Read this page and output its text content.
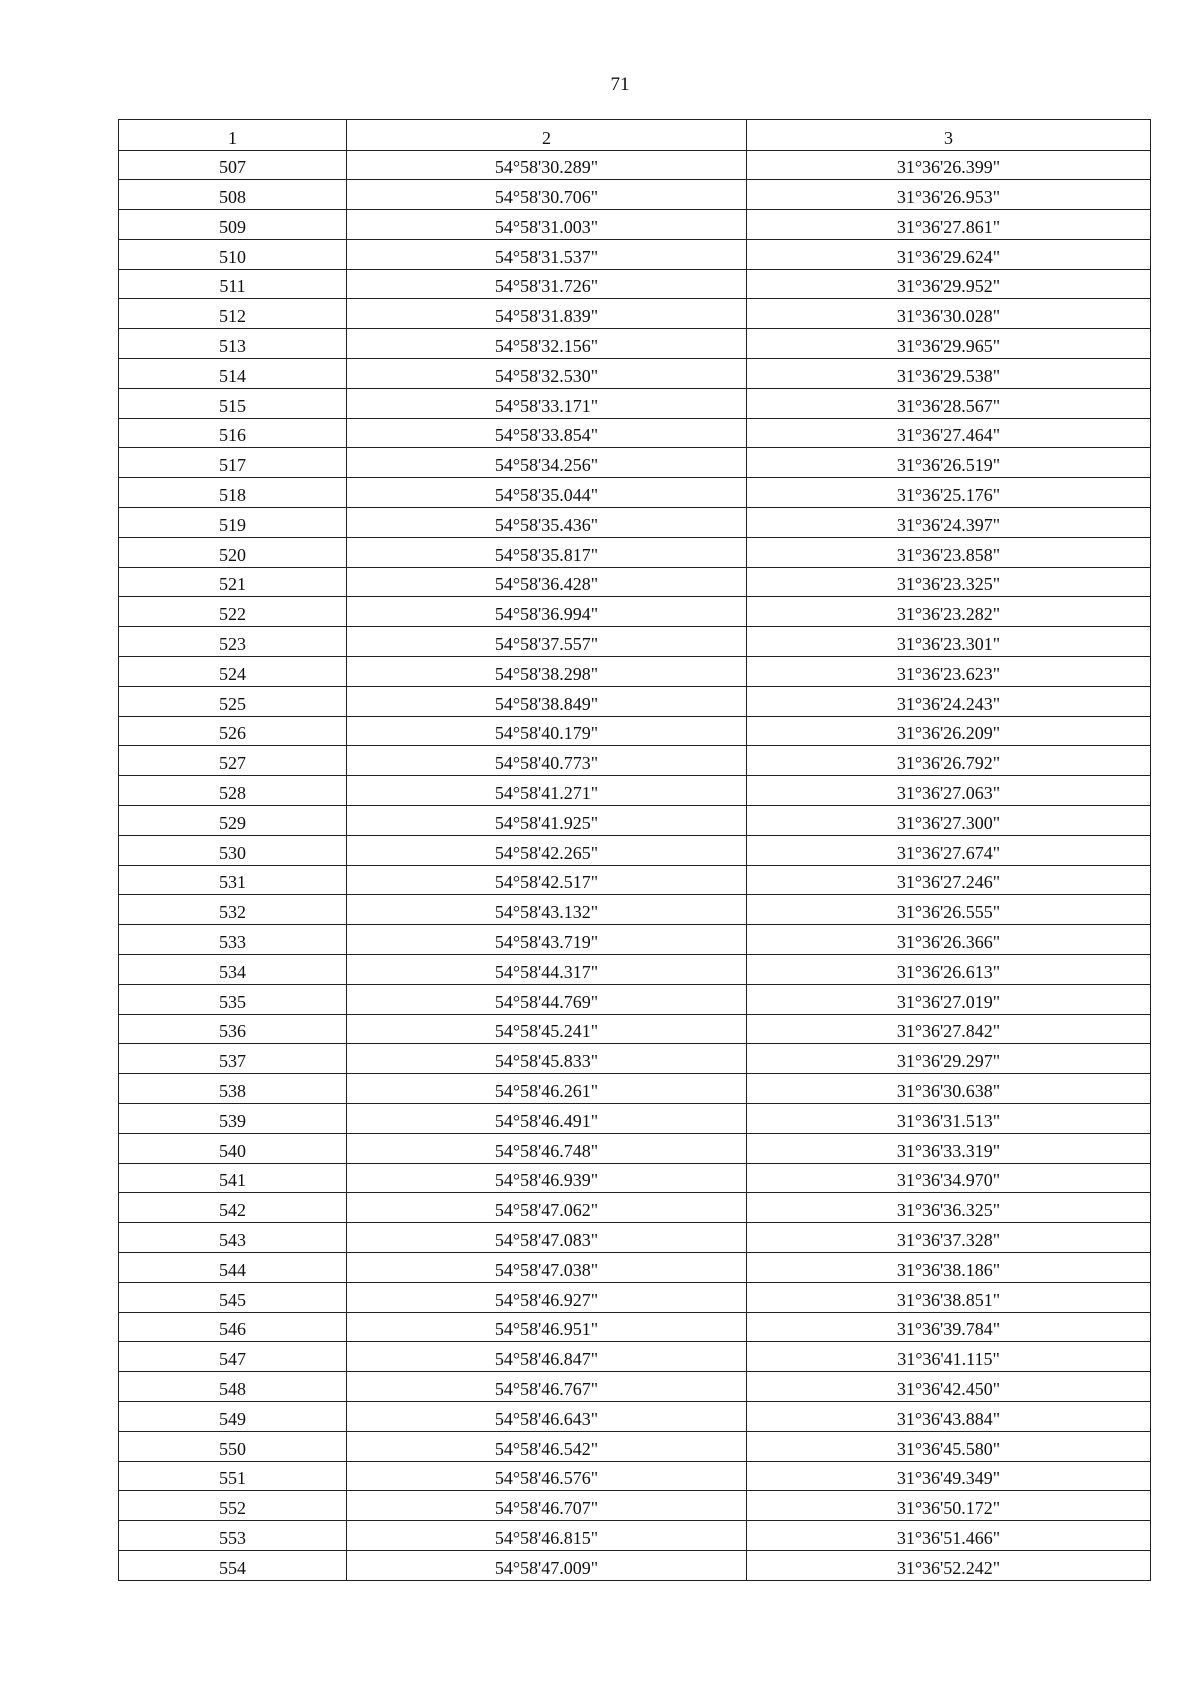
71
1	2	3
507	54°58'30.289"	31°36'26.399"
508	54°58'30.706"	31°36'26.953"
509	54°58'31.003"	31°36'27.861"
510	54°58'31.537"	31°36'29.624"
511	54°58'31.726"	31°36'29.952"
512	54°58'31.839"	31°36'30.028"
513	54°58'32.156"	31°36'29.965"
514	54°58'32.530"	31°36'29.538"
515	54°58'33.171"	31°36'28.567"
516	54°58'33.854"	31°36'27.464"
517	54°58'34.256"	31°36'26.519"
518	54°58'35.044"	31°36'25.176"
519	54°58'35.436"	31°36'24.397"
520	54°58'35.817"	31°36'23.858"
521	54°58'36.428"	31°36'23.325"
522	54°58'36.994"	31°36'23.282"
523	54°58'37.557"	31°36'23.301"
524	54°58'38.298"	31°36'23.623"
525	54°58'38.849"	31°36'24.243"
526	54°58'40.179"	31°36'26.209"
527	54°58'40.773"	31°36'26.792"
528	54°58'41.271"	31°36'27.063"
529	54°58'41.925"	31°36'27.300"
530	54°58'42.265"	31°36'27.674"
531	54°58'42.517"	31°36'27.246"
532	54°58'43.132"	31°36'26.555"
533	54°58'43.719"	31°36'26.366"
534	54°58'44.317"	31°36'26.613"
535	54°58'44.769"	31°36'27.019"
536	54°58'45.241"	31°36'27.842"
537	54°58'45.833"	31°36'29.297"
538	54°58'46.261"	31°36'30.638"
539	54°58'46.491"	31°36'31.513"
540	54°58'46.748"	31°36'33.319"
541	54°58'46.939"	31°36'34.970"
542	54°58'47.062"	31°36'36.325"
543	54°58'47.083"	31°36'37.328"
544	54°58'47.038"	31°36'38.186"
545	54°58'46.927"	31°36'38.851"
546	54°58'46.951"	31°36'39.784"
547	54°58'46.847"	31°36'41.115"
548	54°58'46.767"	31°36'42.450"
549	54°58'46.643"	31°36'43.884"
550	54°58'46.542"	31°36'45.580"
551	54°58'46.576"	31°36'49.349"
552	54°58'46.707"	31°36'50.172"
553	54°58'46.815"	31°36'51.466"
554	54°58'47.009"	31°36'52.242"
